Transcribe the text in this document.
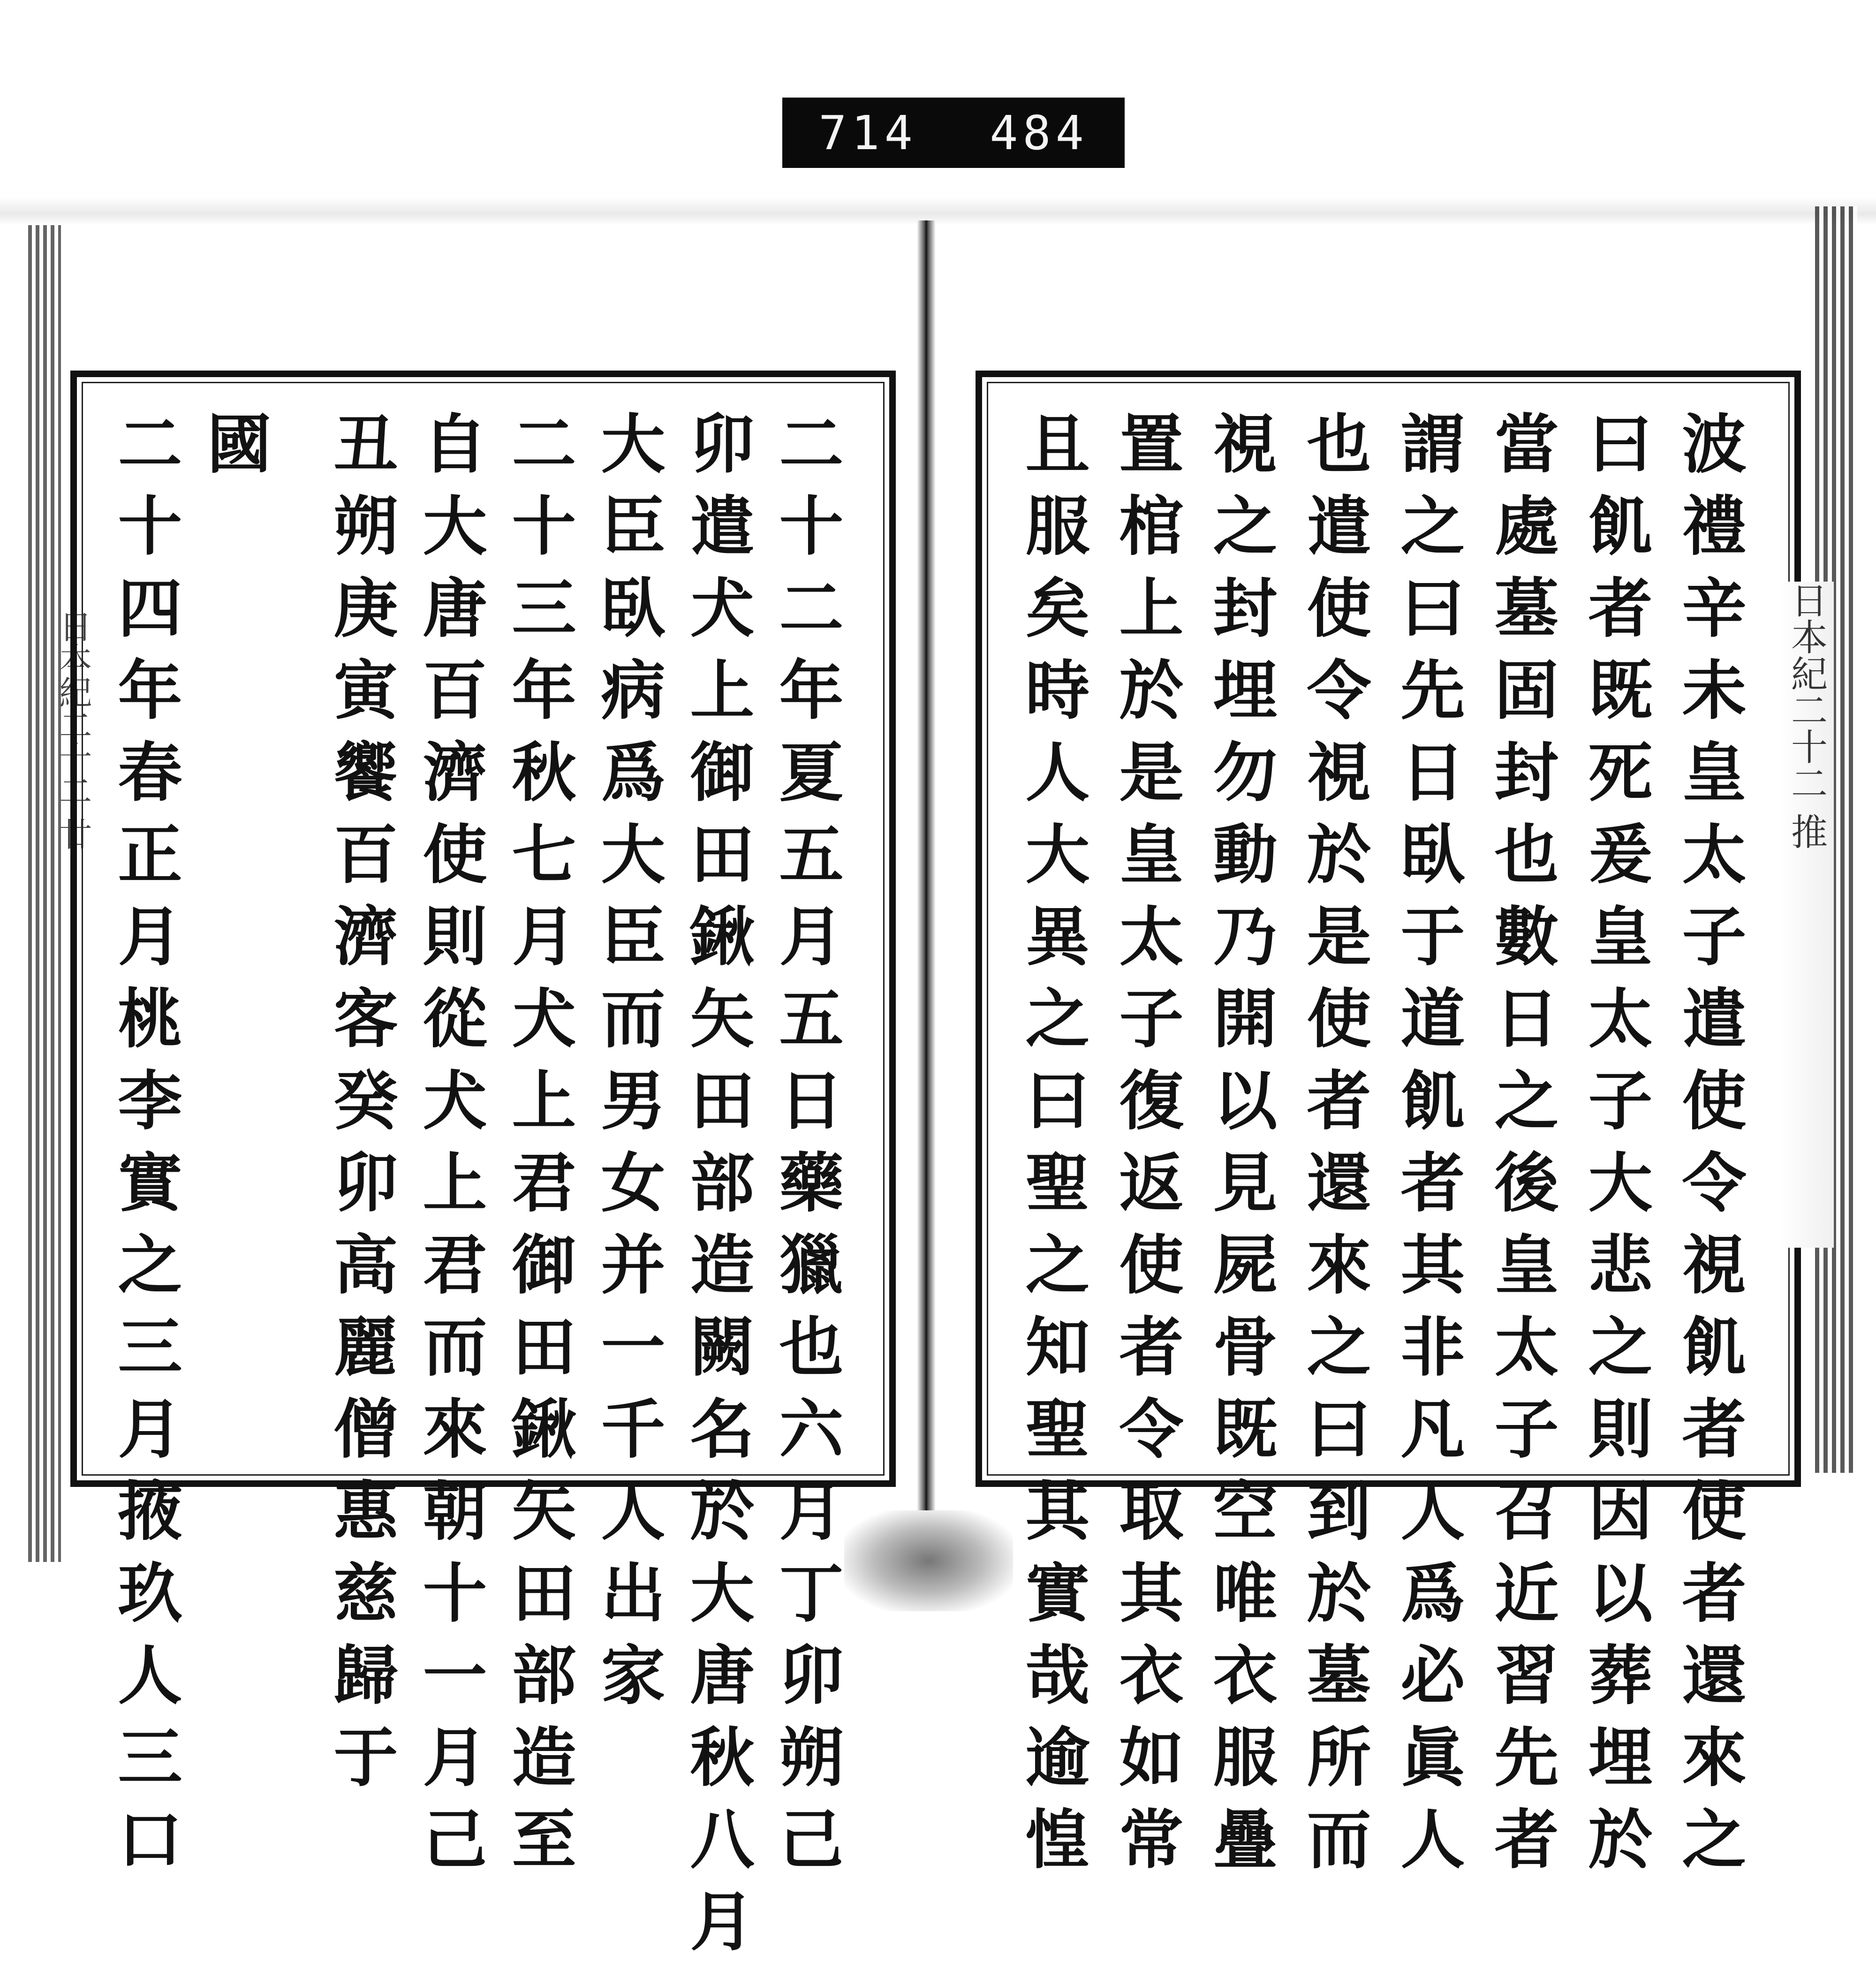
714 484
日本紀二十二 廿	日本紀二十二 推
波
禮
辛
未
皇
太
子
遣
使
令
視
飢
者
使
者
還
來
之
曰
飢
者
既
死
爰
皇
太
子
大
悲
之
則
因
以
葬
埋
於
當
處
墓
固
封
也
數
日
之
後
皇
太
子
召
近
習
先
者
謂
之
曰
先
日
臥
于
道
飢
者
其
非
凡
人
爲
必
眞
人
也
遣
使
令
視
於
是
使
者
還
來
之
曰
到
於
墓
所
而
視
之
封
埋
勿
動
乃
開
以
見
屍
骨
既
空
唯
衣
服
疊
置
棺
上
於
是
皇
太
子
復
返
使
者
令
取
其
衣
如
常
且
服
矣
時
人
大
異
之
曰
聖
之
知
聖
其
實
哉
逾
惶
二
十
二
年
夏
五
月
五
日
藥
獵
也
六
月
丁
卯
朔
己
卯
遣
犬
上
御
田
鍬
矢
田
部
造
闕
名
於
大
唐
秋
八
月
大
臣
臥
病
爲
大
臣
而
男
女
并
一
千
人
出
家
二
十
三
年
秋
七
月
犬
上
君
御
田
鍬
矢
田
部
造
至
自
大
唐
百
濟
使
則
從
犬
上
君
而
來
朝
十
一
月
己
丑
朔
庚
寅
饗
百
濟
客
癸
卯
高
麗
僧
惠
慈
歸
于
國
二
十
四
年
春
正
月
桃
李
實
之
三
月
掖
玖
人
三
口
